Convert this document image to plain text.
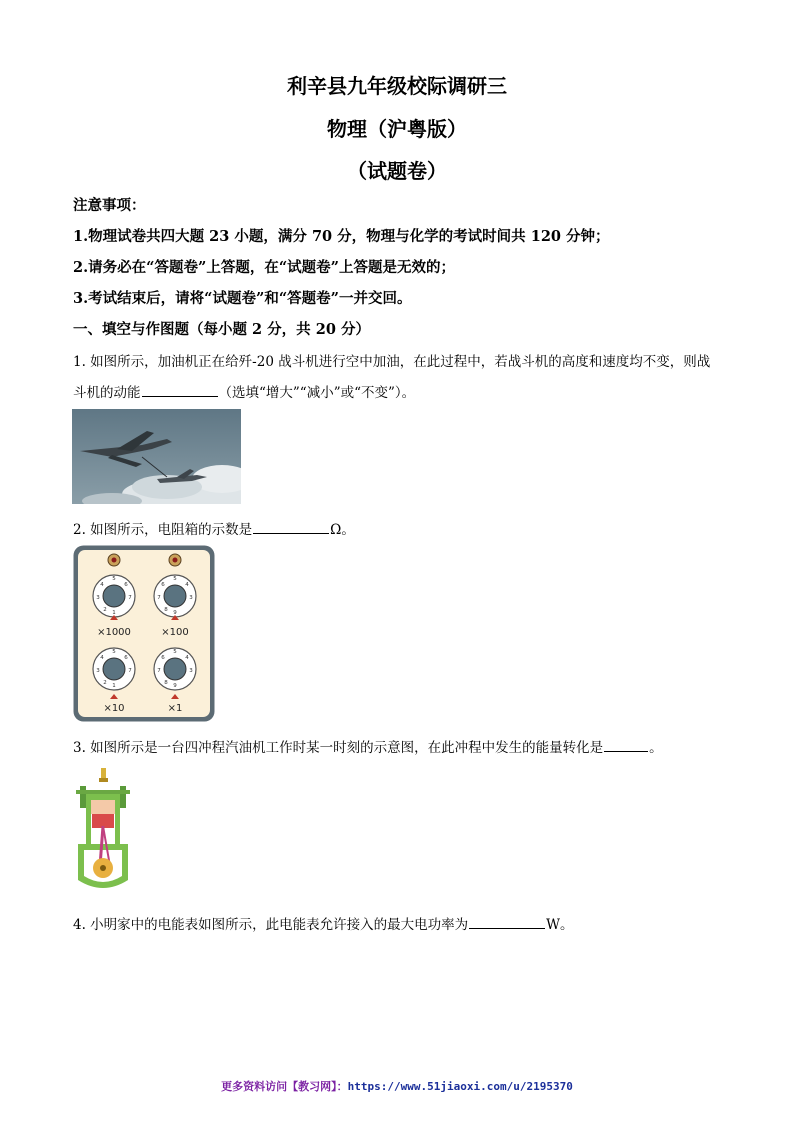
利辛县九年级校际调研三
物理（沪粤版）
（试题卷）
注意事项：
1.物理试卷共四大题 23 小题，满分 70 分，物理与化学的考试时间共 120 分钟；
2.请务必在“答题卷”上答题，在“试题卷”上答题是无效的；
3.考试结束后，请将“试题卷”和“答题卷”一并交回。
一、填空与作图题（每小题 2 分，共 20 分）
1. 如图所示，加油机正在给歼-20 战斗机进行空中加油，在此过程中，若战斗机的高度和速度均不变，则战
斗机的动能	（选填“增大”“减小”或“不变”）。
2. 如图所示，电阻箱的示数是	Ω。
5
6
7
4
3
2 1
5
4
3
6
7
8 9
5
6
7
4
3
2 1
5
4
3
6
7
8 9
×1000	×100
×10	×1
3. 如图所示是一台四冲程汽油机工作时某一时刻的示意图，在此冲程中发生的能量转化是	。
4. 小明家中的电能表如图所示，此电能表允许接入的最大电功率为	W。
更多资料访问【教习网】：https://www.51jiaoxi.com/u/2195370
